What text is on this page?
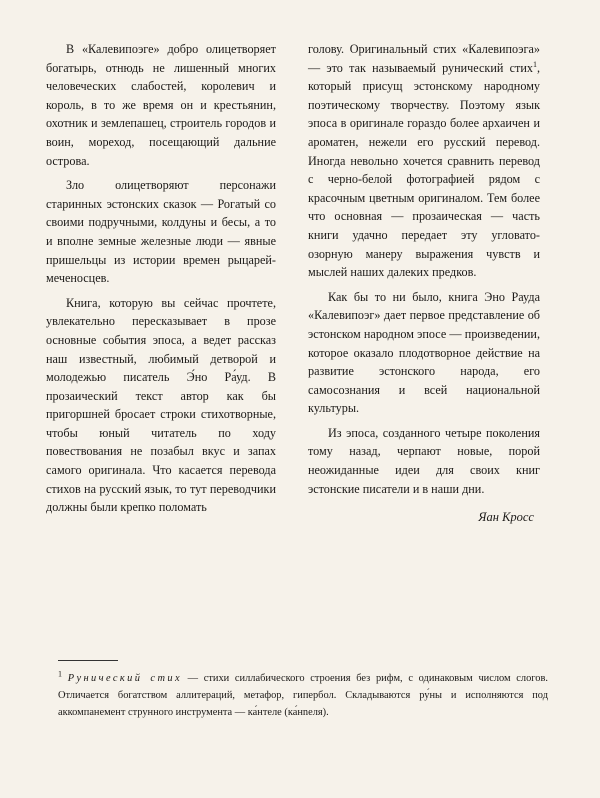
В «Калевипоэге» добро олицетворяет богатырь, отнюдь не лишенный многих человеческих слабостей, королевич и король, в то же время он и крестьянин, охотник и землепашец, строитель городов и воин, мореход, посещающий дальние острова.

Зло олицетворяют персонажи старинных эстонских сказок — Рогатый со своими подручными, колдуны и бесы, а то и вполне земные железные люди — явные пришельцы из истории времен рыцарей-меченосцев.

Книга, которую вы сейчас прочтете, увлекательно пересказывает в прозе основные события эпоса, а ведет рассказ наш известный, любимый детворой и молодежью писатель Э́но Ра́уд. В прозаический текст автор как бы пригоршней бросает строки стихотворные, чтобы юный читатель по ходу повествования не позабыл вкус и запах самого оригинала. Что касается перевода стихов на русский язык, то тут переводчики должны были крепко поломать

голову. Оригинальный стих «Калевипоэга» — это так называемый рунический стих$^1$, который присущ эстонскому народному поэтическому творчеству. Поэтому язык эпоса в оригинале гораздо более архаичен и ароматен, нежели его русский перевод. Иногда невольно хочется сравнить перевод с черно-белой фотографией рядом с красочным цветным оригиналом. Тем более что основная — прозаическая — часть книги удачно передает эту угловато-озорную манеру выражения чувств и мыслей наших далеких предков.

Как бы то ни было, книга Эно Рауда «Калевипоэг» дает первое представление об эстонском народном эпосе — произведении, которое оказало плодотворное действие на развитие эстонского народа, его самосознания и всей национальной культуры.

Из эпоса, созданного четыре поколения тому назад, черпают новые, порой неожиданные идеи для своих книг эстонские писатели и в наши дни.

Яан Кросс
$^1$ Рунический стих — стихи силлабического строения без рифм, с одинаковым числом слогов. Отличается богатством аллитераций, метафор, гипербол. Складываются ру́ны и исполняются под аккомпанемент струнного инструмента — ка́нтеле (ка́нneля).
